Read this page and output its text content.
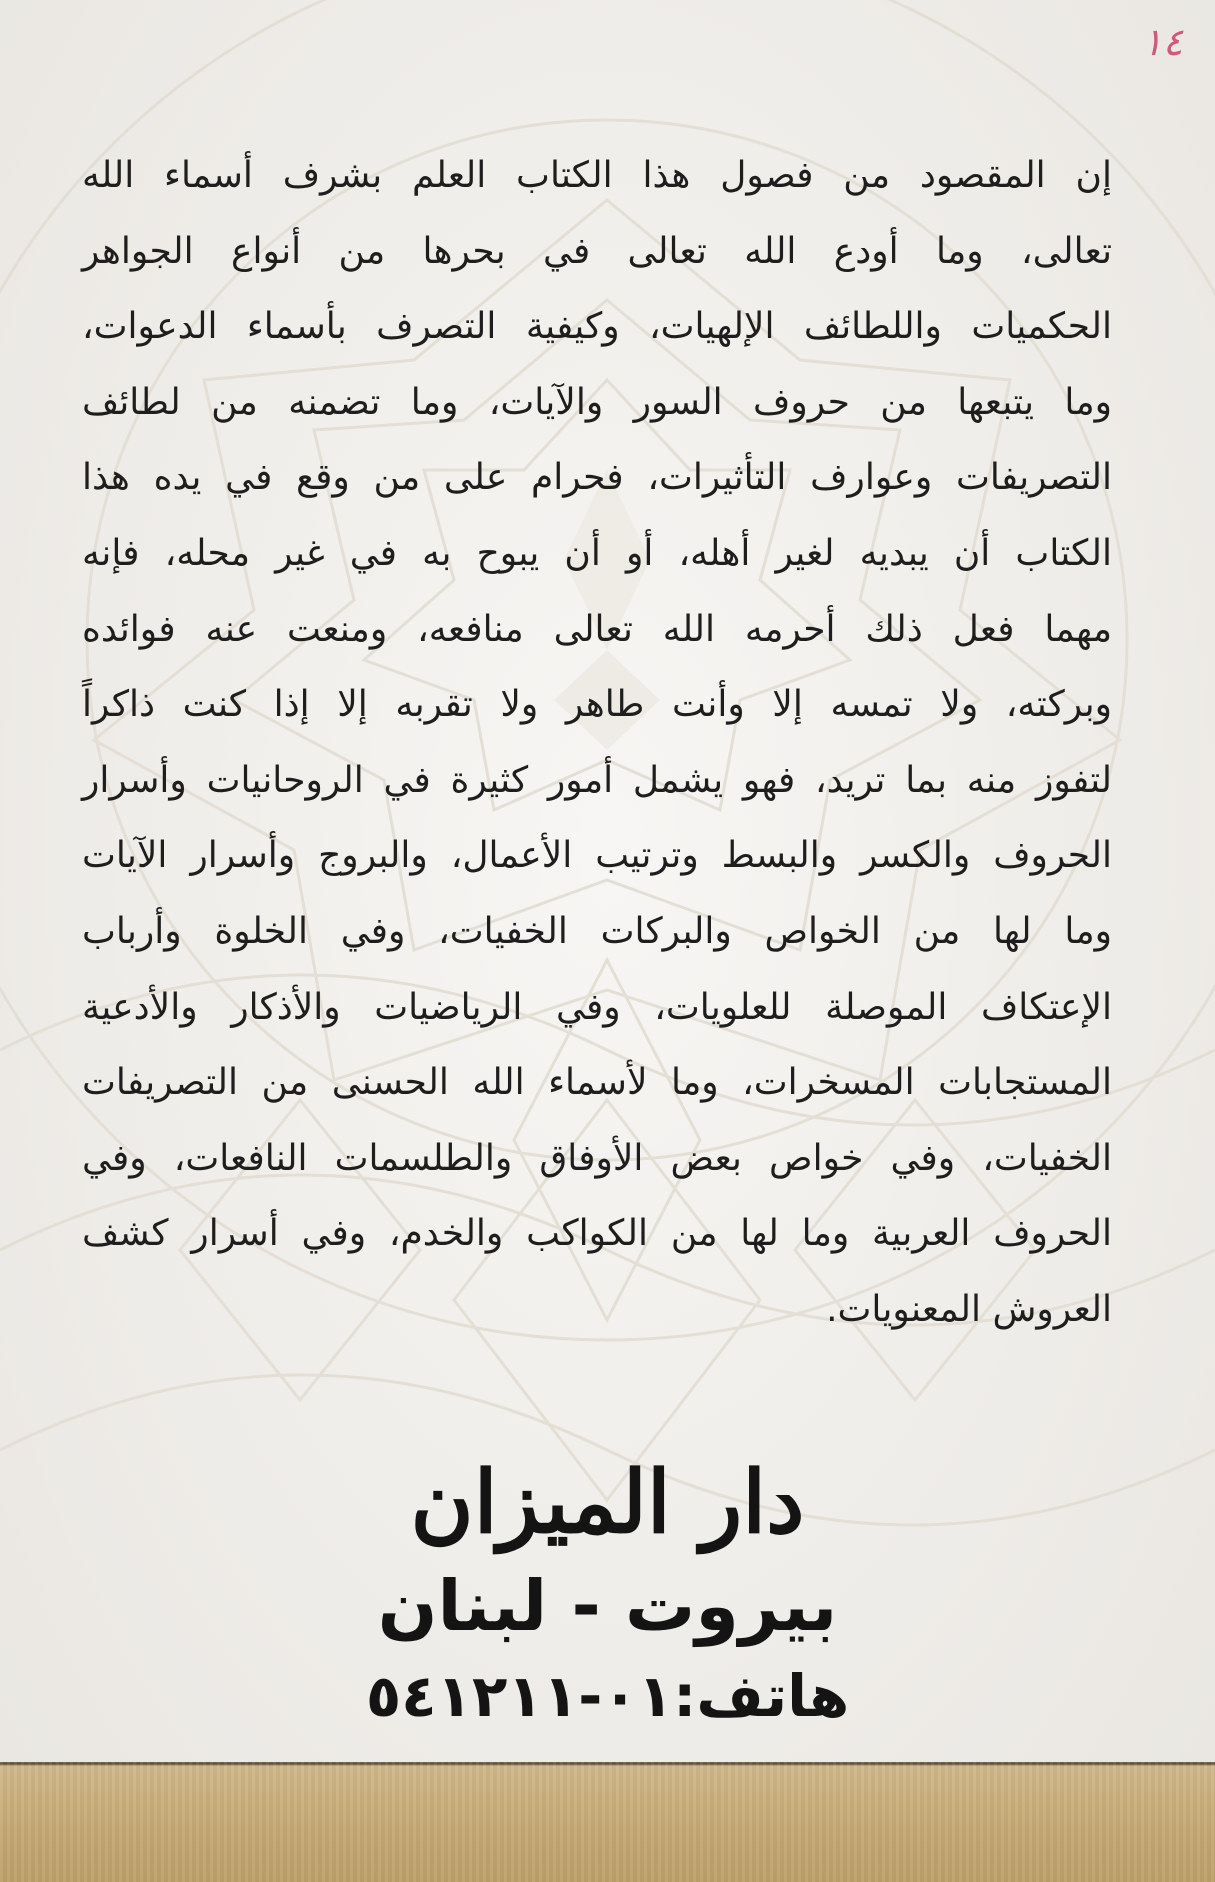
١٤
إن المقصود من فصول هذا الكتاب العلم بشرف أسماء الله
تعالى، وما أودع الله تعالى في بحرها من أنواع الجواهر
الحكميات واللطائف الإلهيات، وكيفية التصرف بأسماء الدعوات،
وما يتبعها من حروف السور والآيات، وما تضمنه من لطائف
التصريفات وعوارف التأثيرات، فحرام على من وقع في يده هذا
الكتاب أن يبديه لغير أهله، أو أن يبوح به في غير محله، فإنه
مهما فعل ذلك أحرمه الله تعالى منافعه، ومنعت عنه فوائده
وبركته، ولا تمسه إلا وأنت طاهر ولا تقربه إلا إذا كنت ذاكراً
لتفوز منه بما تريد، فهو يشمل أمور كثيرة في الروحانيات وأسرار
الحروف والكسر والبسط وترتيب الأعمال، والبروج وأسرار الآيات
وما لها من الخواص والبركات الخفيات، وفي الخلوة وأرباب
الإعتكاف الموصلة للعلويات، وفي الرياضيات والأذكار والأدعية
المستجابات المسخرات، وما لأسماء الله الحسنى من التصريفات
الخفيات، وفي خواص بعض الأوفاق والطلسمات النافعات، وفي
الحروف العربية وما لها من الكواكب والخدم، وفي أسرار كشف
العروش المعنويات.
دار الميزان
بيروت - لبنان
هاتف:٠١-٥٤١٢١١
